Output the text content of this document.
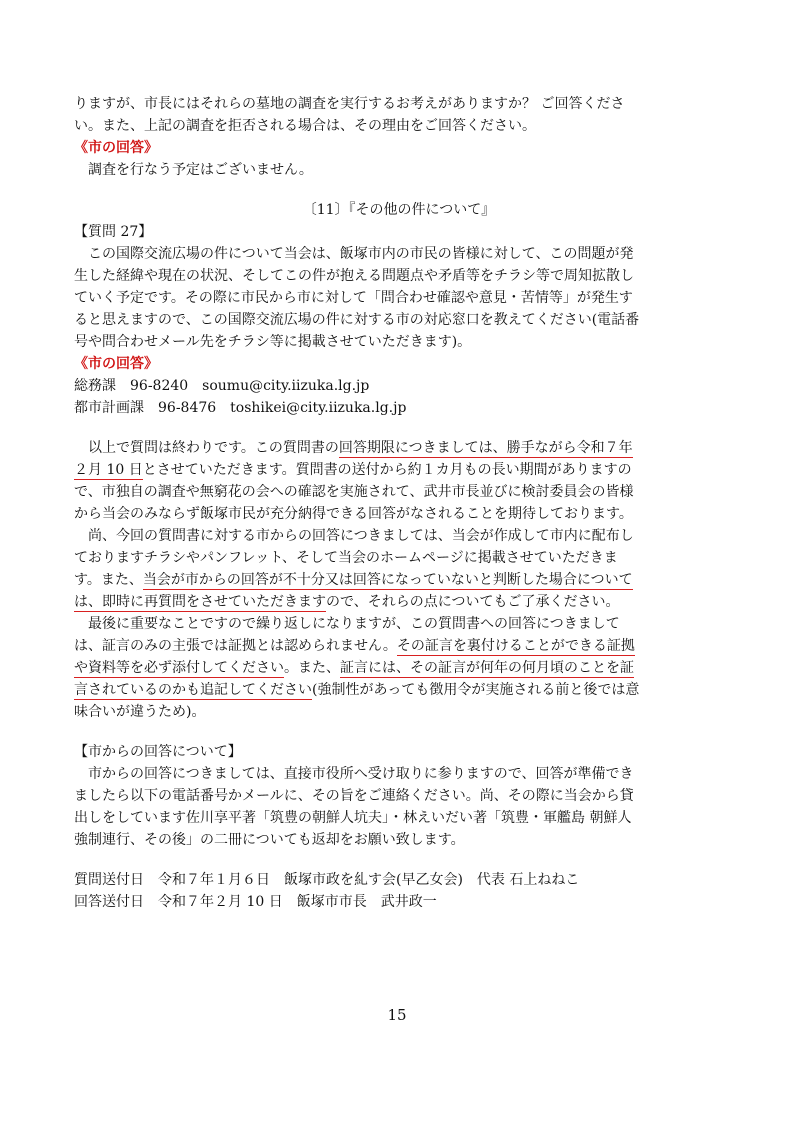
りますが、市長にはそれらの墓地の調査を実行するお考えがありますか？ ご回答くださ
い。また、上記の調査を拒否される場合は、その理由をご回答ください。
《市の回答》
　調査を行なう予定はございません。
〔11〕『その他の件について』
【質問 27】
　この国際交流広場の件について当会は、飯塚市内の市民の皆様に対して、この問題が発
生した経緯や現在の状況、そしてこの件が抱える問題点や矛盾等をチラシ等で周知拡散し
ていく予定です。その際に市民から市に対して「問合わせ確認や意見・苦情等」が発生す
ると思えますので、この国際交流広場の件に対する市の対応窓口を教えてください(電話番
号や問合わせメール先をチラシ等に掲載させていただきます)。
《市の回答》
総務課　96-8240　soumu@city.iizuka.lg.jp
都市計画課　96-8476　toshikei@city.iizuka.lg.jp
　以上で質問は終わりです。この質問書の回答期限につきましては、勝手ながら令和７年
２月 10 日とさせていただきます。質問書の送付から約１カ月もの長い期間がありますの
で、市独自の調査や無窮花の会への確認を実施されて、武井市長並びに検討委員会の皆様
から当会のみならず飯塚市民が充分納得できる回答がなされることを期待しております。
　尚、今回の質問書に対する市からの回答につきましては、当会が作成して市内に配布し
ておりますチラシやパンフレット、そして当会のホームページに掲載させていただきま
す。また、当会が市からの回答が不十分又は回答になっていないと判断した場合について
は、即時に再質問をさせていただきますので、それらの点についてもご了承ください。
　最後に重要なことですので繰り返しになりますが、この質問書への回答につきまして
は、証言のみの主張では証拠とは認められません。その証言を裏付けることができる証拠
や資料等を必ず添付してください。また、証言には、その証言が何年の何月頃のことを証
言されているのかも追記してください(強制性があっても徴用令が実施される前と後では意
味合いが違うため)。
【市からの回答について】
　市からの回答につきましては、直接市役所へ受け取りに参りますので、回答が準備でき
ましたら以下の電話番号かメールに、その旨をご連絡ください。尚、その際に当会から貸
出しをしています佐川享平著「筑豊の朝鮮人坑夫」・林えいだい著「筑豊・軍艦島 朝鮮人
強制連行、その後」の二冊についても返却をお願い致します。
質問送付日　令和７年１月６日　飯塚市政を糺す会(早乙女会)　代表 石上ねねこ
回答送付日　令和７年２月 10 日　飯塚市市長　武井政一
15
